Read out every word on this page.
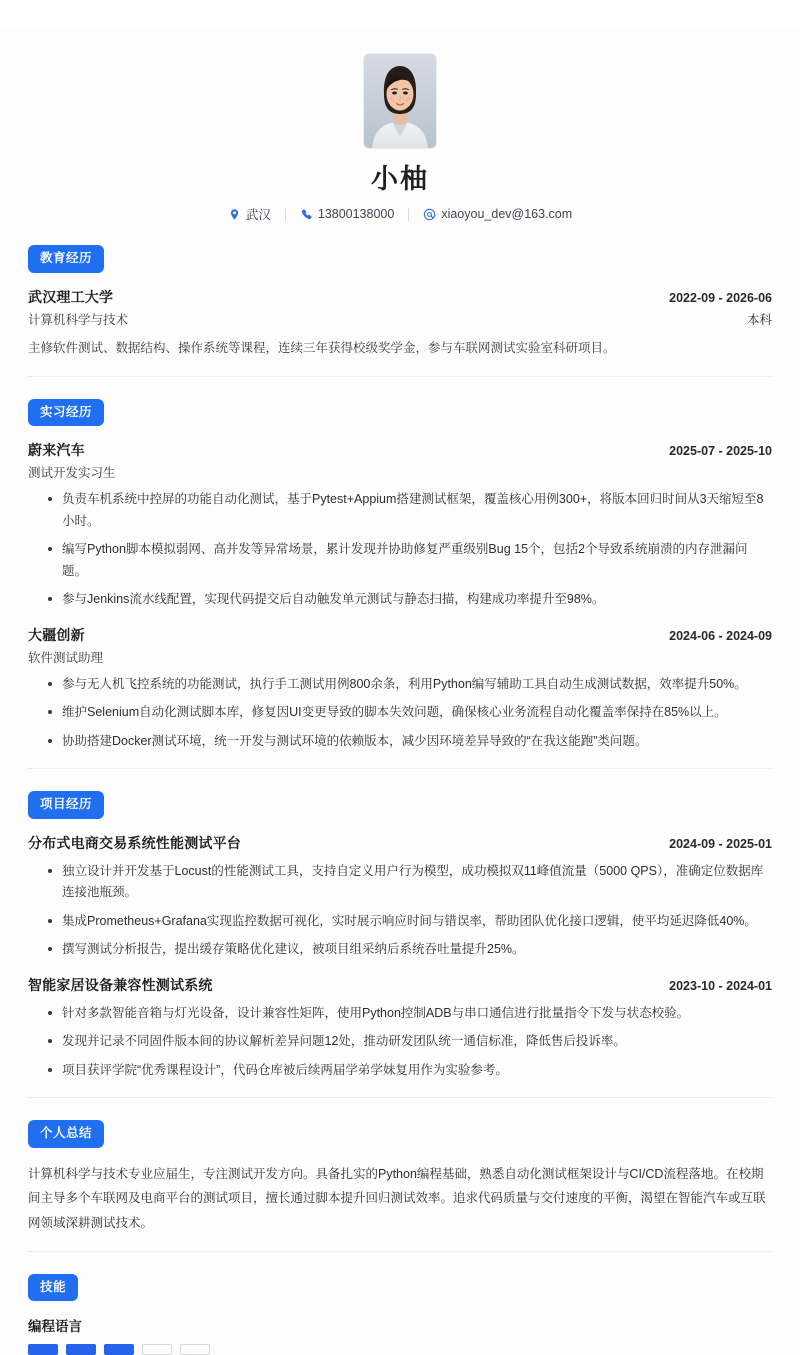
小柚
武汉	13800138000	xiaoyou_dev@163.com
教育经历
武汉理工大学	2022-09 - 2026-06
计算机科学与技术	本科
主修软件测试、数据结构、操作系统等课程，连续三年获得校级奖学金，参与车联网测试实验室科研项目。
实习经历
蔚来汽车	2025-07 - 2025-10
测试开发实习生
负责车机系统中控屏的功能自动化测试，基于Pytest+Appium搭建测试框架，覆盖核心用例300+，将版本回归时间从3天缩短至8小时。
编写Python脚本模拟弱网、高并发等异常场景，累计发现并协助修复严重级别Bug 15个，包括2个导致系统崩溃的内存泄漏问题。
参与Jenkins流水线配置，实现代码提交后自动触发单元测试与静态扫描，构建成功率提升至98%。
大疆创新	2024-06 - 2024-09
软件测试助理
参与无人机飞控系统的功能测试，执行手工测试用例800余条，利用Python编写辅助工具自动生成测试数据，效率提升50%。
维护Selenium自动化测试脚本库，修复因UI变更导致的脚本失效问题，确保核心业务流程自动化覆盖率保持在85%以上。
协助搭建Docker测试环境，统一开发与测试环境的依赖版本，减少因环境差异导致的“在我这能跑”类问题。
项目经历
分布式电商交易系统性能测试平台	2024-09 - 2025-01
独立设计并开发基于Locust的性能测试工具，支持自定义用户行为模型，成功模拟双11峰值流量（5000 QPS），准确定位数据库连接池瓶颈。
集成Prometheus+Grafana实现监控数据可视化，实时展示响应时间与错误率，帮助团队优化接口逻辑，使平均延迟降低40%。
撰写测试分析报告，提出缓存策略优化建议，被项目组采纳后系统吞吐量提升25%。
智能家居设备兼容性测试系统	2023-10 - 2024-01
针对多款智能音箱与灯光设备，设计兼容性矩阵，使用Python控制ADB与串口通信进行批量指令下发与状态校验。
发现并记录不同固件版本间的协议解析差异问题12处，推动研发团队统一通信标准，降低售后投诉率。
项目获评学院“优秀课程设计”，代码仓库被后续两届学弟学妹复用作为实验参考。
个人总结
计算机科学与技术专业应届生，专注测试开发方向。具备扎实的Python编程基础，熟悉自动化测试框架设计与CI/CD流程落地。在校期间主导多个车联网及电商平台的测试项目，擅长通过脚本提升回归测试效率。追求代码质量与交付速度的平衡，渴望在智能汽车或互联网领域深耕测试技术。
技能
编程语言
